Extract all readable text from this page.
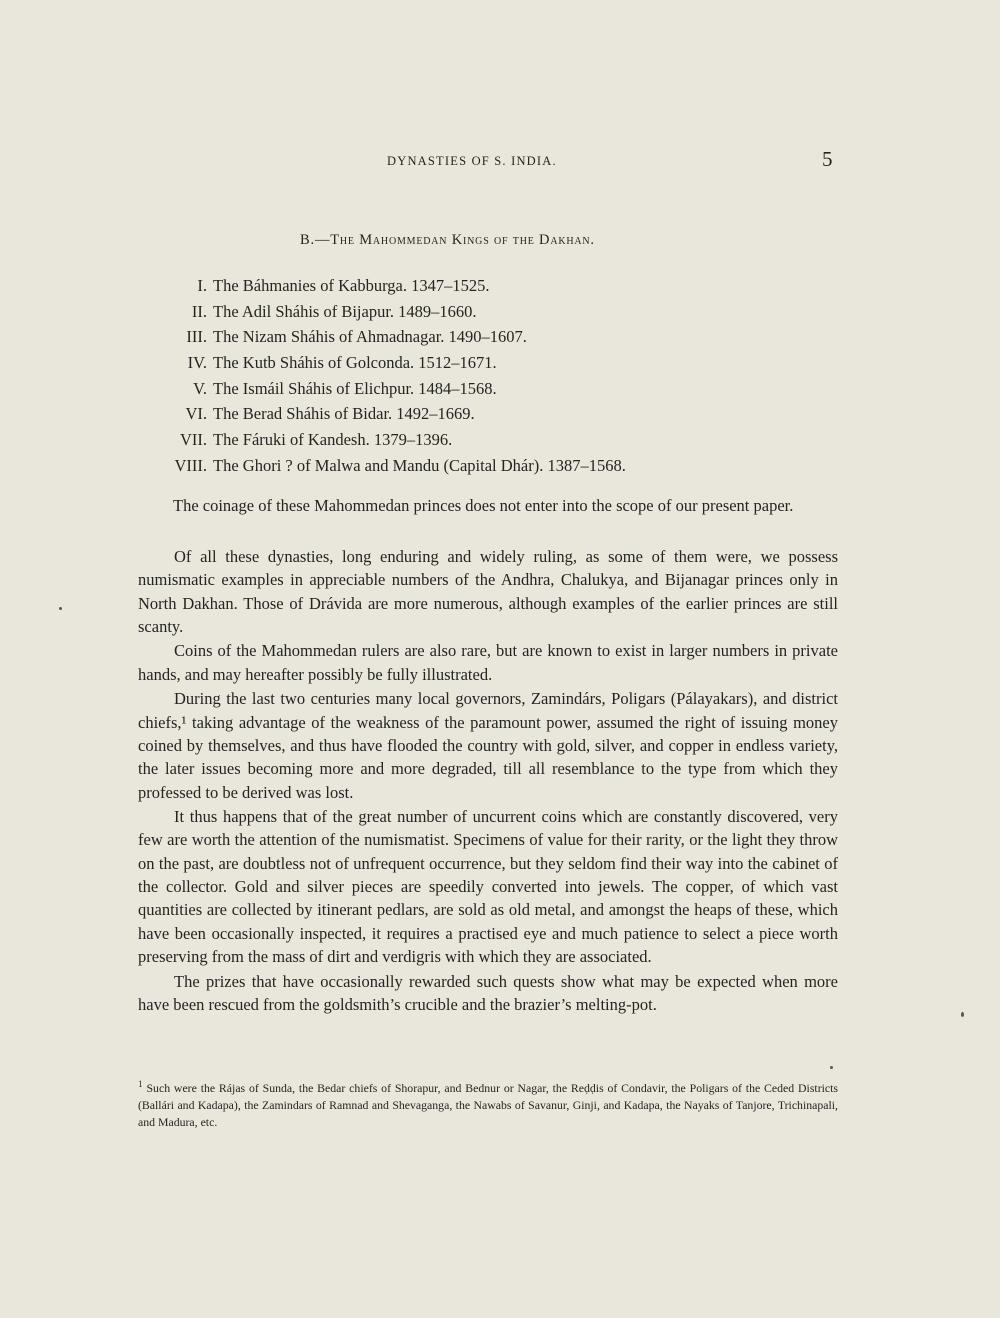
DYNASTIES OF S. INDIA.	5
B.—The Mahommedan Kings of the Dakhan.
I. The Báhmanies of Kabburga. 1347–1525.
II. The Adil Sháhis of Bijapur. 1489–1660.
III. The Nizam Sháhis of Ahmadnagar. 1490–1607.
IV. The Kutb Sháhis of Golconda. 1512–1671.
V. The Ismáil Sháhis of Elichpur. 1484–1568.
VI. The Berad Sháhis of Bidar. 1492–1669.
VII. The Fáruki of Kandesh. 1379–1396.
VIII. The Ghori ? of Malwa and Mandu (Capital Dhár). 1387–1568.
The coinage of these Mahommedan princes does not enter into the scope of our present paper.

Of all these dynasties, long enduring and widely ruling, as some of them were, we possess numismatic examples in appreciable numbers of the Andhra, Chalukya, and Bijanagar princes only in North Dakhan. Those of Drávida are more numerous, although examples of the earlier princes are still scanty.

Coins of the Mahommedan rulers are also rare, but are known to exist in larger numbers in private hands, and may hereafter possibly be fully illustrated.

During the last two centuries many local governors, Zamindárs, Poligars (Pálayakars), and district chiefs,¹ taking advantage of the weakness of the paramount power, assumed the right of issuing money coined by themselves, and thus have flooded the country with gold, silver, and copper in endless variety, the later issues becoming more and more degraded, till all resemblance to the type from which they professed to be derived was lost.

It thus happens that of the great number of uncurrent coins which are constantly discovered, very few are worth the attention of the numismatist. Specimens of value for their rarity, or the light they throw on the past, are doubtless not of unfrequent occurrence, but they seldom find their way into the cabinet of the collector. Gold and silver pieces are speedily converted into jewels. The copper, of which vast quantities are collected by itinerant pedlars, are sold as old metal, and amongst the heaps of these, which have been occasionally inspected, it requires a practised eye and much patience to select a piece worth preserving from the mass of dirt and verdigris with which they are associated.

The prizes that have occasionally rewarded such quests show what may be expected when more have been rescued from the goldsmith’s crucible and the brazier’s melting-pot.

$^1$ Such were the Rájas of Sunda, the Bedar chiefs of Shorapur, and Bednur or Nagar, the Reḍḍis of Condavir, the Poligars of the Ceded Districts (Ballári and Kadapa), the Zamindars of Ramnad and Shevaganga, the Nawabs of Savanur, Ginji, and Kadapa, the Nayaks of Tanjore, Trichinapali, and Madura, etc.
